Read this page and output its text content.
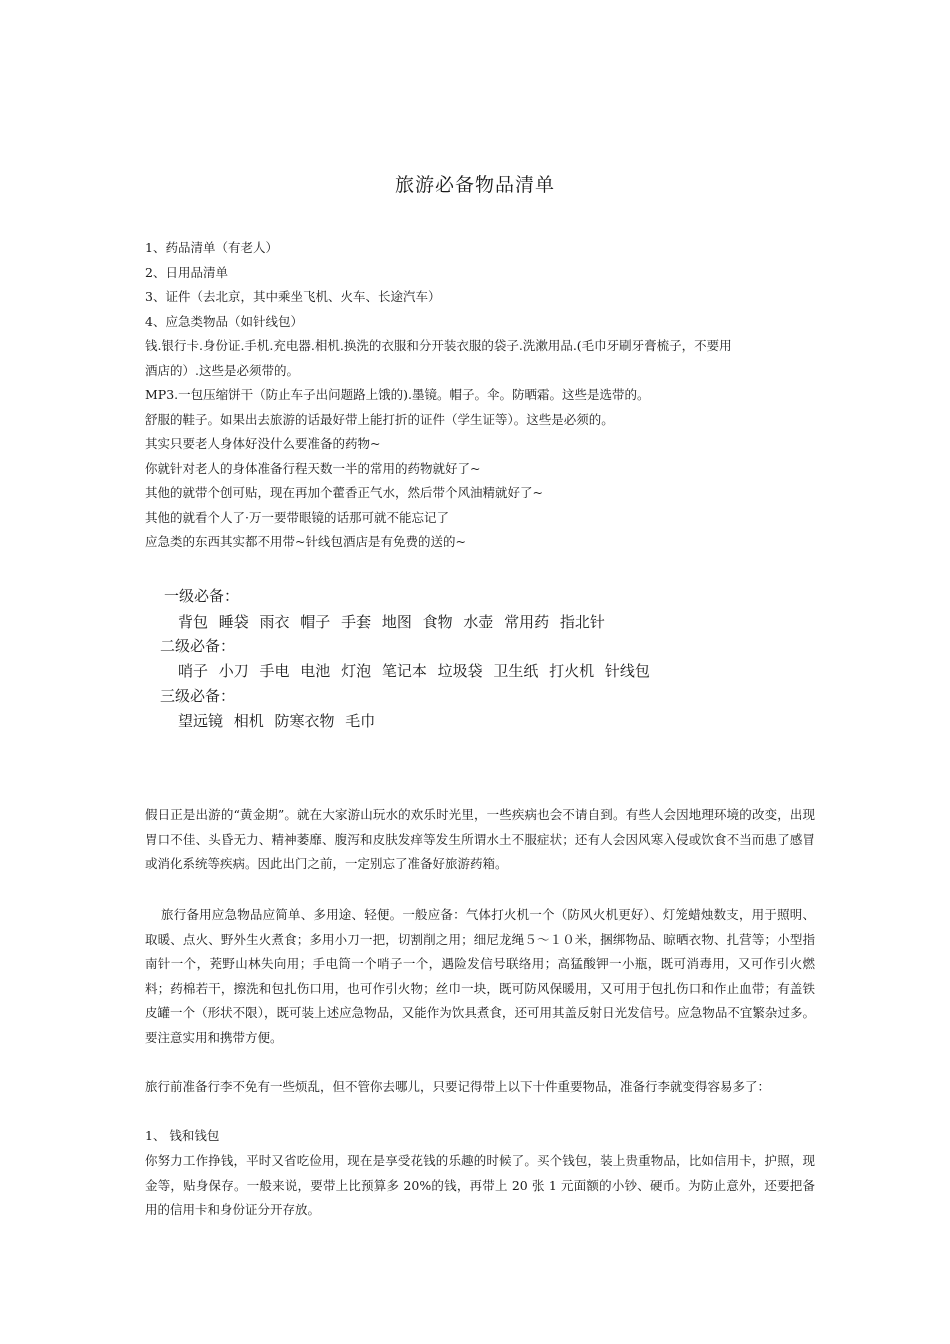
旅游必备物品清单
1、药品清单（有老人）
2、日用品清单
3、证件（去北京，其中乘坐飞机、火车、长途汽车）
4、应急类物品（如针线包）
钱.银行卡.身份证.手机.充电器.相机.换洗的衣服和分开装衣服的袋子.洗漱用品.(毛巾牙刷牙膏梳子，不要用
酒店的）.这些是必须带的。
MP3.一包压缩饼干（防止车子出问题路上饿的).墨镜。帽子。伞。防晒霜。这些是选带的。
舒服的鞋子。如果出去旅游的话最好带上能打折的证件（学生证等）。这些是必须的。
其实只要老人身体好没什么要准备的药物~
你就针对老人的身体准备行程天数一半的常用的药物就好了~
其他的就带个创可贴，现在再加个藿香正气水，然后带个风油精就好了~
其他的就看个人了·万一要带眼镜的话那可就不能忘记了
应急类的东西其实都不用带~针线包酒店是有免费的送的~
一级必备：
背包 睡袋 雨衣 帽子 手套 地图 食物 水壶 常用药 指北针
二级必备：
哨子 小刀 手电 电池 灯泡 笔记本 垃圾袋 卫生纸 打火机 针线包
三级必备：
望远镜 相机 防寒衣物 毛巾
假日正是出游的“黄金期”。就在大家游山玩水的欢乐时光里，一些疾病也会不请自到。有些人会因地理环境的改变，出现胃口不佳、头昏无力、精神萎靡、腹泻和皮肤发痒等发生所谓水土不服症状；还有人会因风寒入侵或饮食不当而患了感冒或消化系统等疾病。因此出门之前，一定别忘了准备好旅游药箱。
旅行备用应急物品应简单、多用途、轻便。一般应备：气体打火机一个（防风火机更好）、灯笼蜡烛数支，用于照明、取暖、点火、野外生火煮食；多用小刀一把，切割削之用；细尼龙绳５～１０米，捆绑物品、晾晒衣物、扎营等；小型指南针一个，茺野山林失向用；手电筒一个哨子一个，遇险发信号联络用；高猛酸钾一小瓶，既可消毒用，又可作引火燃料；药棉若干，擦洗和包扎伤口用，也可作引火物；丝巾一块，既可防风保暖用，又可用于包扎伤口和作止血带；有盖铁皮罐一个（形状不限），既可装上述应急物品，又能作为饮具煮食，还可用其盖反射日光发信号。应急物品不宜繁杂过多。要注意实用和携带方便。
旅行前准备行李不免有一些烦乱，但不管你去哪儿，只要记得带上以下十件重要物品，准备行李就变得容易多了：
1、 钱和钱包
你努力工作挣钱，平时又省吃俭用，现在是享受花钱的乐趣的时候了。买个钱包，装上贵重物品，比如信用卡，护照，现金等，贴身保存。一般来说，要带上比预算多 20%的钱，再带上 20 张 1 元面额的小钞、硬币。为防止意外，还要把备用的信用卡和身份证分开存放。
